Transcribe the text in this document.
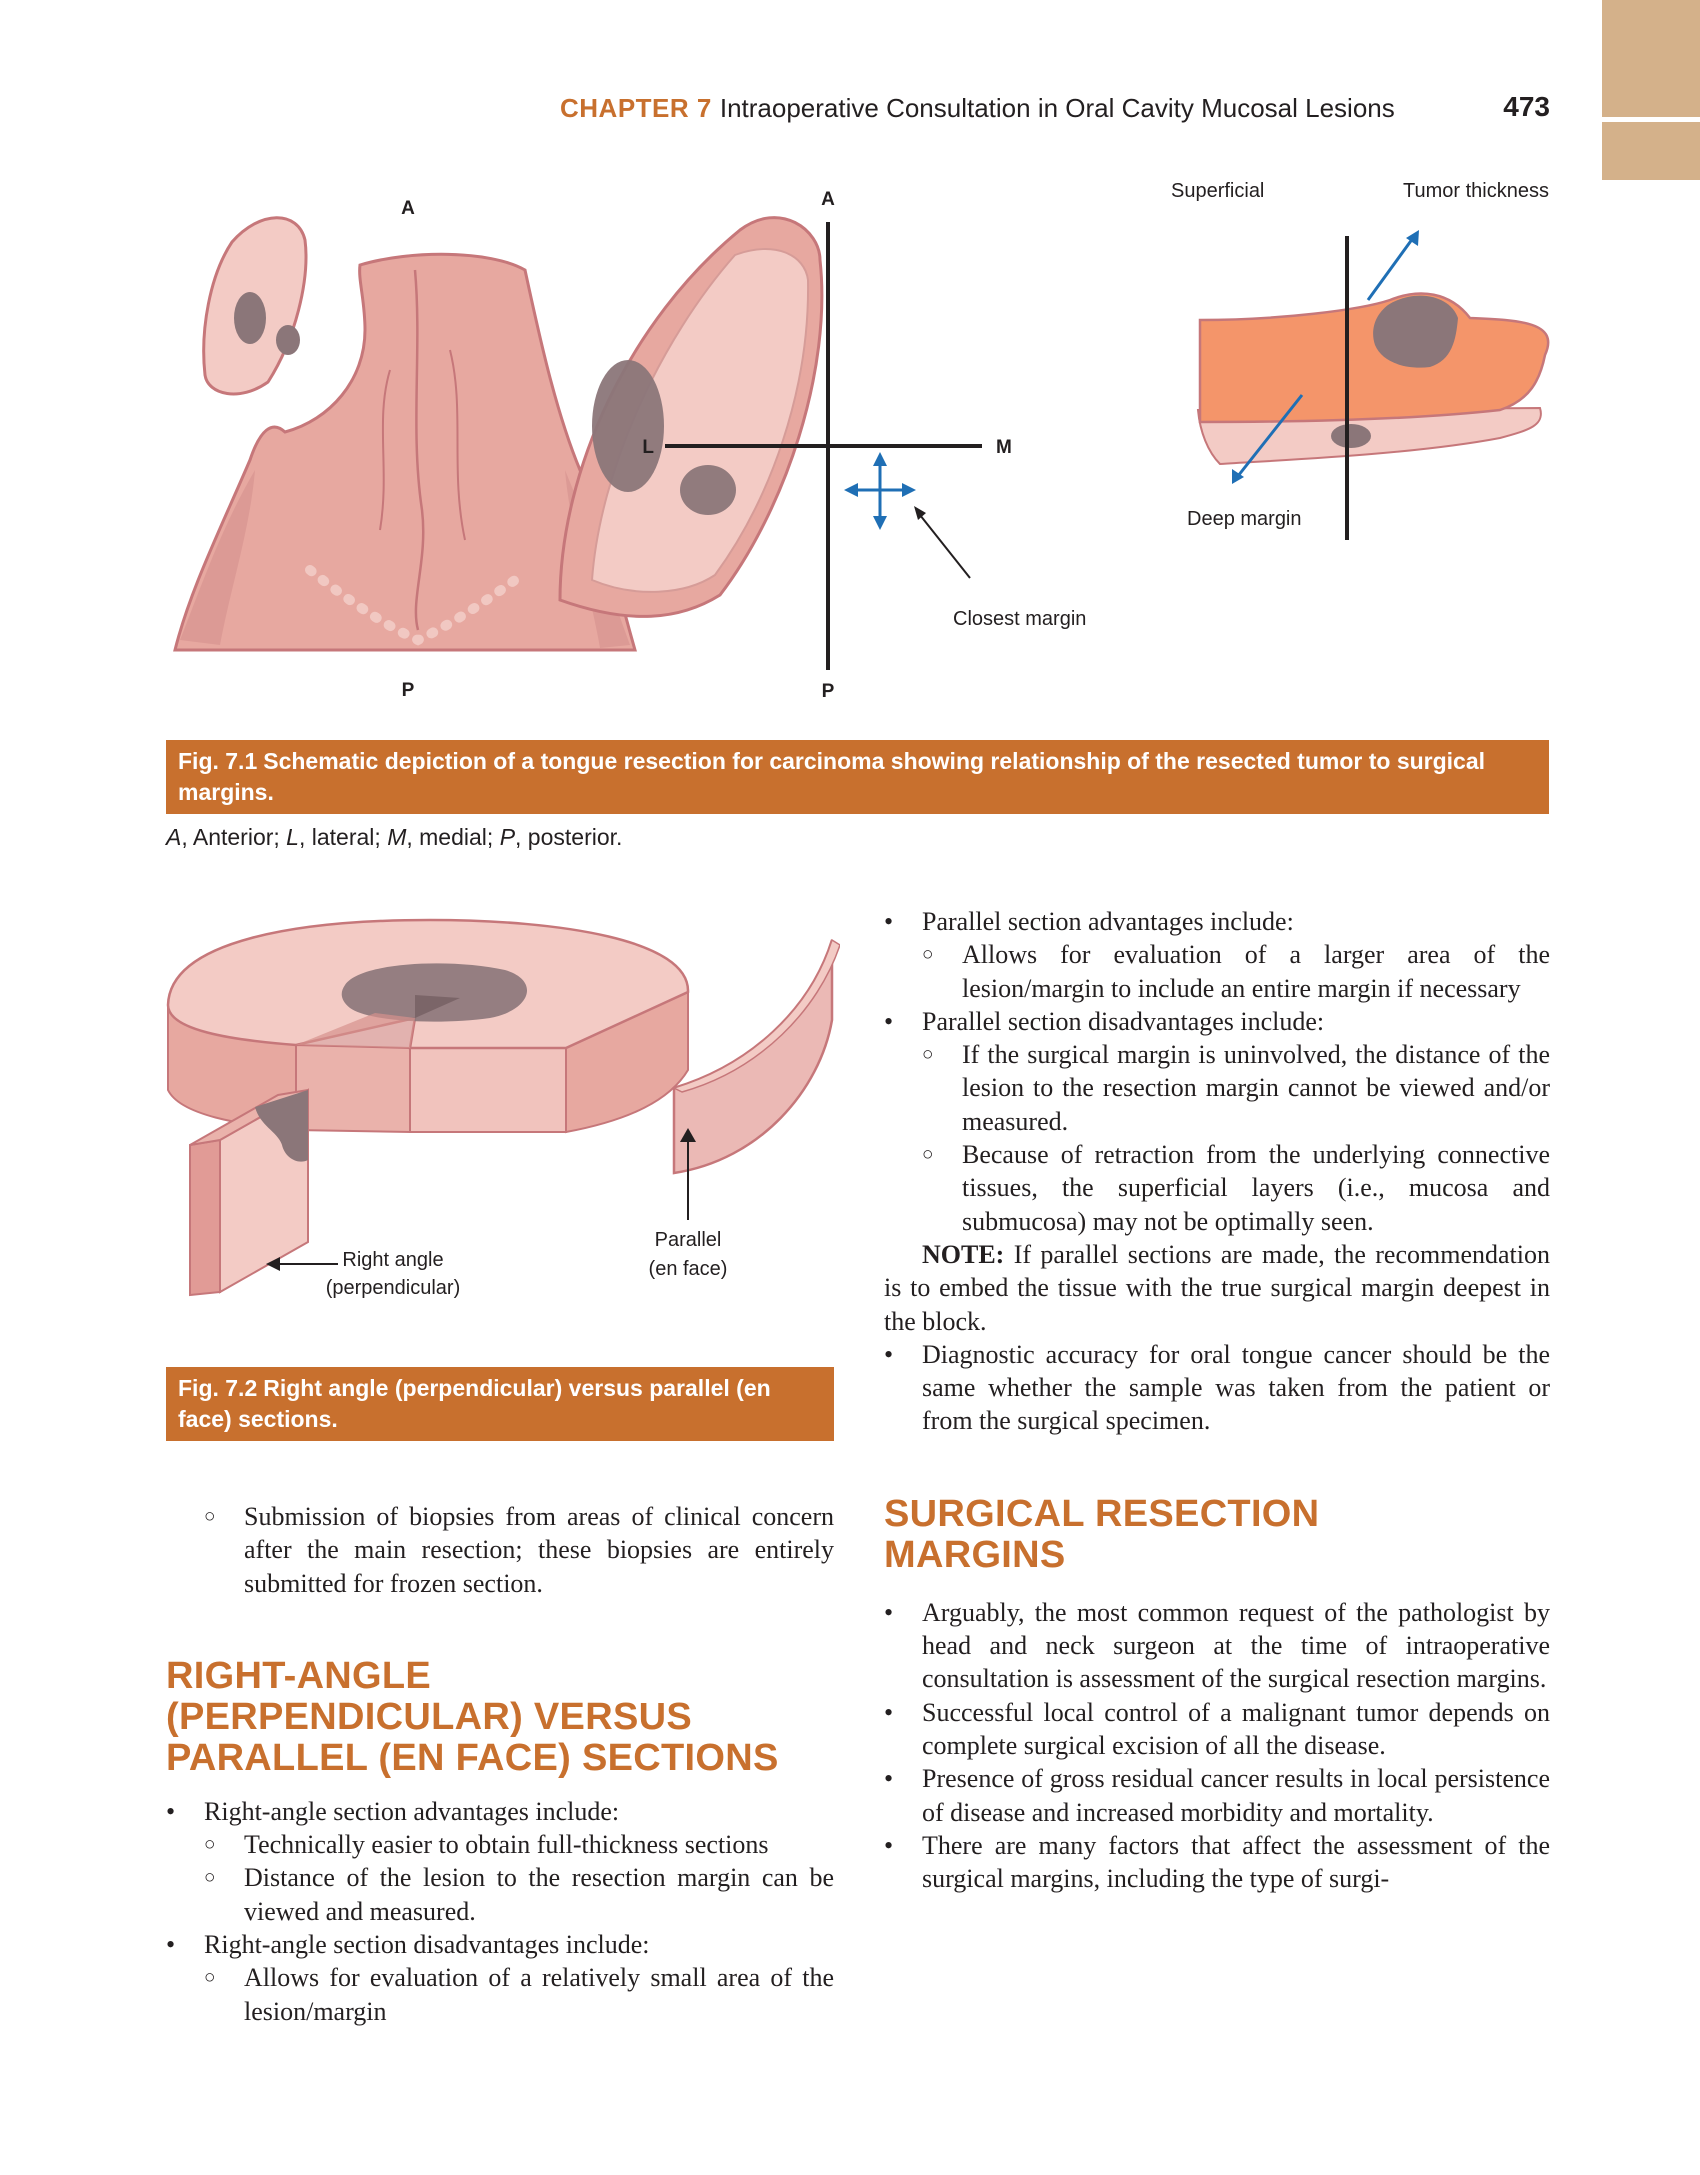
CHAPTER 7 Intraoperative Consultation in Oral Cavity Mucosal Lesions	473
A
P
A
P
L	M
Closest margin
Superficial	Tumor thickness
Deep margin
Fig. 7.1 Schematic depiction of a tongue resection for carcinoma showing relationship of the resected tumor to surgical margins.
A, Anterior; L, lateral; M, medial; P, posterior.
Right angle
(perpendicular)
Parallel
(en face)
Fig. 7.2 Right angle (perpendicular) versus parallel (en face) sections.
○ Submission of biopsies from areas of clinical concern after the main resection; these biopsies are entirely submitted for frozen section.
RIGHT-ANGLE
(PERPENDICULAR) VERSUS
PARALLEL (EN FACE) SECTIONS
• Right-angle section advantages include:
○ Technically easier to obtain full-thickness sections
○ Distance of the lesion to the resection margin can be viewed and measured.
• Right-angle section disadvantages include:
○ Allows for evaluation of a relatively small area of the lesion/margin
• Parallel section advantages include:
○ Allows for evaluation of a larger area of the lesion/margin to include an entire margin if necessary
• Parallel section disadvantages include:
○ If the surgical margin is uninvolved, the distance of the lesion to the resection margin cannot be viewed and/or measured.
○ Because of retraction from the underlying connective tissues, the superficial layers (i.e., mucosa and submucosa) may not be optimally seen.
NOTE: If parallel sections are made, the recommendation is to embed the tissue with the true surgical margin deepest in the block.
• Diagnostic accuracy for oral tongue cancer should be the same whether the sample was taken from the patient or from the surgical specimen.
SURGICAL RESECTION
MARGINS
• Arguably, the most common request of the pathologist by head and neck surgeon at the time of intraoperative consultation is assessment of the surgical resection margins.
• Successful local control of a malignant tumor depends on complete surgical excision of all the disease.
• Presence of gross residual cancer results in local persistence of disease and increased morbidity and mortality.
• There are many factors that affect the assessment of the surgical margins, including the type of surgi-
